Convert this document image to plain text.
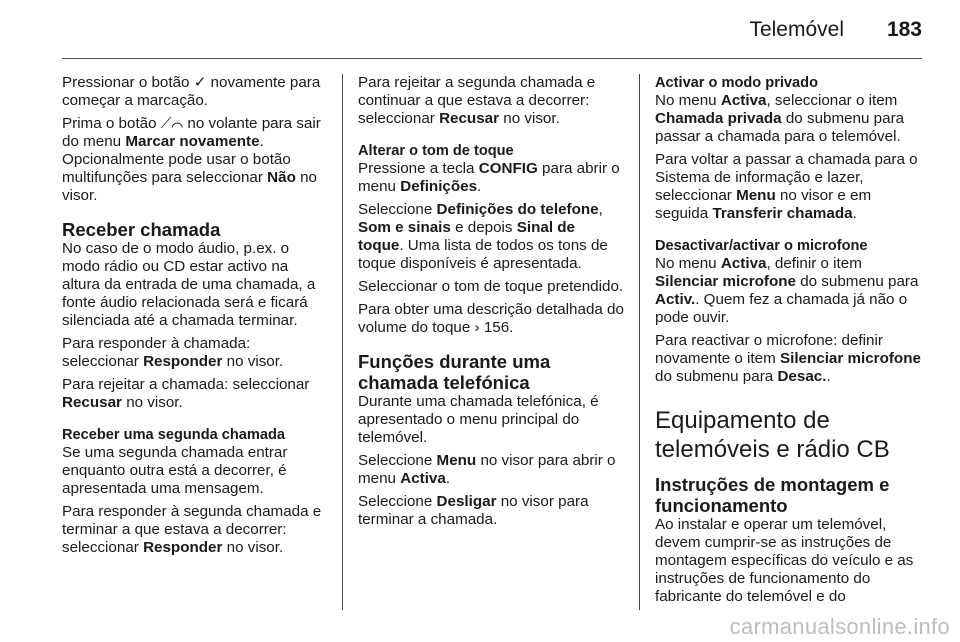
Telemóvel 183

Pressionar o botão ✓ novamente para começar a marcação.

Prima o botão ⟋⌒ no volante para sair do menu Marcar novamente. Opcionalmente pode usar o botão multifunções para seleccionar Não no visor.

Receber chamada

No caso de o modo áudio, p.ex. o modo rádio ou CD estar activo na altura da entrada de uma chamada, a fonte áudio relacionada será e ficará silenciada até a chamada terminar.

Para responder à chamada: seleccionar Responder no visor.

Para rejeitar a chamada: seleccionar Recusar no visor.

Receber uma segunda chamada

Se uma segunda chamada entrar enquanto outra está a decorrer, é apresentada uma mensagem.

Para responder à segunda chamada e terminar a que estava a decorrer: seleccionar Responder no visor.

Para rejeitar a segunda chamada e continuar a que estava a decorrer: seleccionar Recusar no visor.

Alterar o tom de toque

Pressione a tecla CONFIG para abrir o menu Definições.

Seleccione Definições do telefone, Som e sinais e depois Sinal de toque. Uma lista de todos os tons de toque disponíveis é apresentada.

Seleccionar o tom de toque pretendido.

Para obter uma descrição detalhada do volume do toque › 156.

Funções durante uma chamada telefónica

Durante uma chamada telefónica, é apresentado o menu principal do telemóvel.

Seleccione Menu no visor para abrir o menu Activa.

Seleccione Desligar no visor para terminar a chamada.

Activar o modo privado

No menu Activa, seleccionar o item Chamada privada do submenu para passar a chamada para o telemóvel.

Para voltar a passar a chamada para o Sistema de informação e lazer, seleccionar Menu no visor e em seguida Transferir chamada.

Desactivar/activar o microfone

No menu Activa, definir o item Silenciar microfone do submenu para Activ.. Quem fez a chamada já não o pode ouvir.

Para reactivar o microfone: definir novamente o item Silenciar microfone do submenu para Desac..

Equipamento de telemóveis e rádio CB
Instruções de montagem e funcionamento

Ao instalar e operar um telemóvel, devem cumprir-se as instruções de montagem específicas do veículo e as instruções de funcionamento do fabricante do telemóvel e do

carmanualsonline.info
